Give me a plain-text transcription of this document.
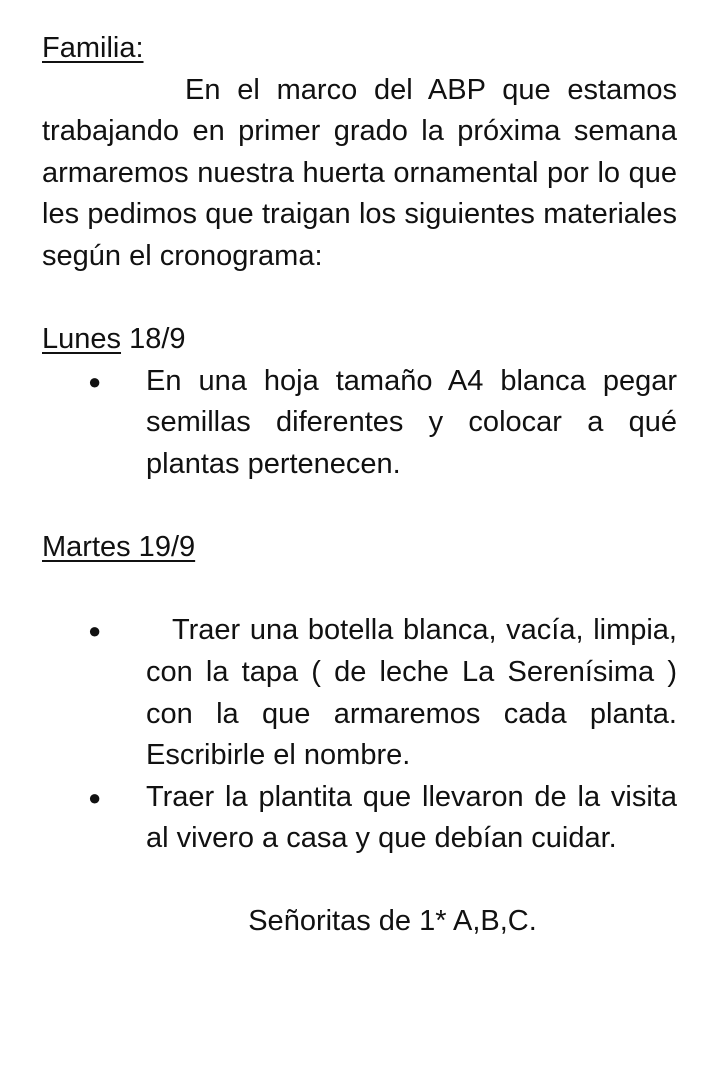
Familia:

En el marco del ABP que estamos trabajando en primer grado la próxima semana armaremos nuestra huerta ornamental por lo que les pedimos que traigan los siguientes materiales según el cronograma:

Lunes 18/9

● En una hoja tamaño A4 blanca pegar semillas diferentes y colocar a qué plantas pertenecen.

Martes 19/9

● Traer una botella blanca, vacía, limpia, con la tapa ( de leche La Serenísima ) con la que armaremos cada planta. Escribirle el nombre.
● Traer la plantita que llevaron de la visita al vivero a casa y que debían cuidar.

Señoritas de 1* A,B,C.
